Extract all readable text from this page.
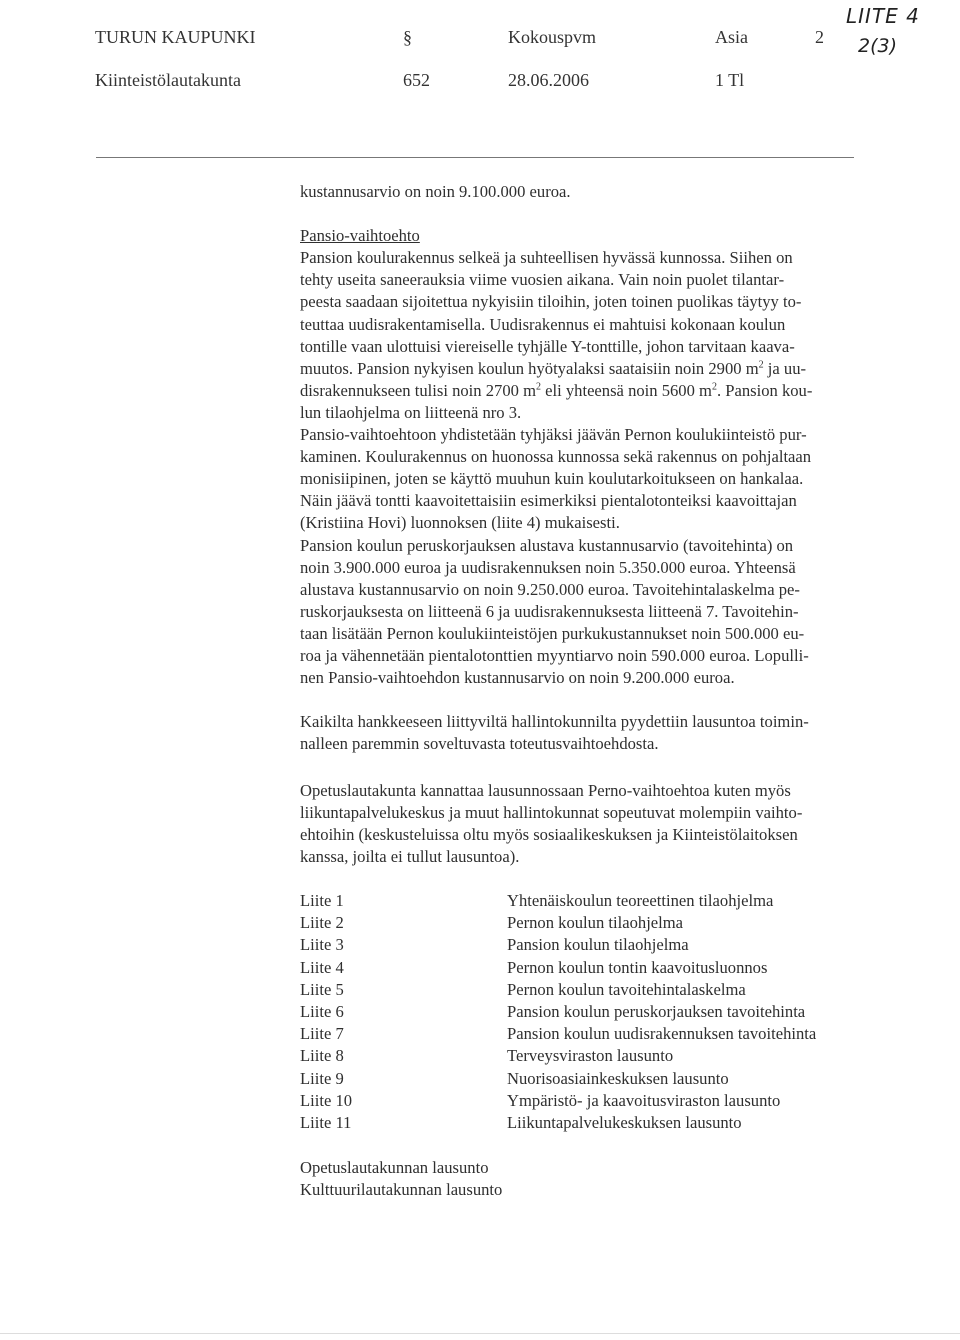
TURUN KAUPUNKI	§	Kokouspvm	Asia	2
Kiinteistölautakunta	652	28.06.2006	1 Tl
LIITE 4
2(3)
kustannusarvio on noin 9.100.000 euroa.
Pansio-vaihtoehto
Pansion koulurakennus selkeä ja suhteellisen hyvässä kunnossa. Siihen on
tehty useita saneerauksia viime vuosien aikana. Vain noin puolet tilantar-
peesta saadaan sijoitettua nykyisiin tiloihin, joten toinen puolikas täytyy to-
teuttaa uudisrakentamisella. Uudisrakennus ei mahtuisi kokonaan koulun
tontille vaan ulottuisi viereiselle tyhjälle Y-tonttille, johon tarvitaan kaava-
muutos. Pansion nykyisen koulun hyötyalaksi saataisiin noin 2900 $m^2$ ja uu-
disrakennukseen tulisi noin 2700 $m^2$ eli yhteensä noin 5600 $m^2$. Pansion kou-
lun tilaohjelma on liitteenä nro 3.
Pansio-vaihtoehtoon yhdistetään tyhjäksi jäävän Pernon koulukiinteistö pur-
kaminen. Koulurakennus on huonossa kunnossa sekä rakennus on pohjaltaan
monisiipinen, joten se käyttö muuhun kuin koulutarkoitukseen on hankalaa.
Näin jäävä tontti kaavoitettaisiin esimerkiksi pientalotonteiksi kaavoittajan
(Kristiina Hovi) luonnoksen (liite 4) mukaisesti.
Pansion koulun peruskorjauksen alustava kustannusarvio (tavoitehinta) on
noin 3.900.000 euroa ja uudisrakennuksen noin 5.350.000 euroa. Yhteensä
alustava kustannusarvio on noin 9.250.000 euroa. Tavoitehintalaskelma pe-
ruskorjauksesta on liitteenä 6 ja uudisrakennuksesta liitteenä 7. Tavoitehin-
taan lisätään Pernon koulukiinteistöjen purkukustannukset noin 500.000 eu-
roa ja vähennetään pientalotonttien myyntiarvo noin 590.000 euroa. Lopulli-
nen Pansio-vaihtoehdon kustannusarvio on noin 9.200.000 euroa.
Kaikilta hankkeeseen liittyviltä hallintokunnilta pyydettiin lausuntoa toimin-
nalleen paremmin soveltuvasta toteutusvaihtoehdosta.
Opetuslautakunta kannattaa lausunnossaan Perno-vaihtoehtoa kuten myös
liikuntapalvelukeskus ja muut hallintokunnat sopeutuvat molempiin vaihto-
ehtoihin (keskusteluissa oltu myös sosiaalikeskuksen ja Kiinteistölaitoksen
kanssa, joilta ei tullut lausuntoa).
Liite 1	Yhtenäiskoulun teoreettinen tilaohjelma
Liite 2	Pernon koulun tilaohjelma
Liite 3	Pansion koulun tilaohjelma
Liite 4	Pernon koulun tontin kaavoitusluonnos
Liite 5	Pernon koulun tavoitehintalaskelma
Liite 6	Pansion koulun peruskorjauksen tavoitehinta
Liite 7	Pansion koulun uudisrakennuksen tavoitehinta
Liite 8	Terveysviraston lausunto
Liite 9	Nuorisoasiainkeskuksen lausunto
Liite 10	Ympäristö- ja kaavoitusviraston lausunto
Liite 11	Liikuntapalvelukeskuksen lausunto
Opetuslautakunnan lausunto
Kulttuurilautakunnan lausunto
